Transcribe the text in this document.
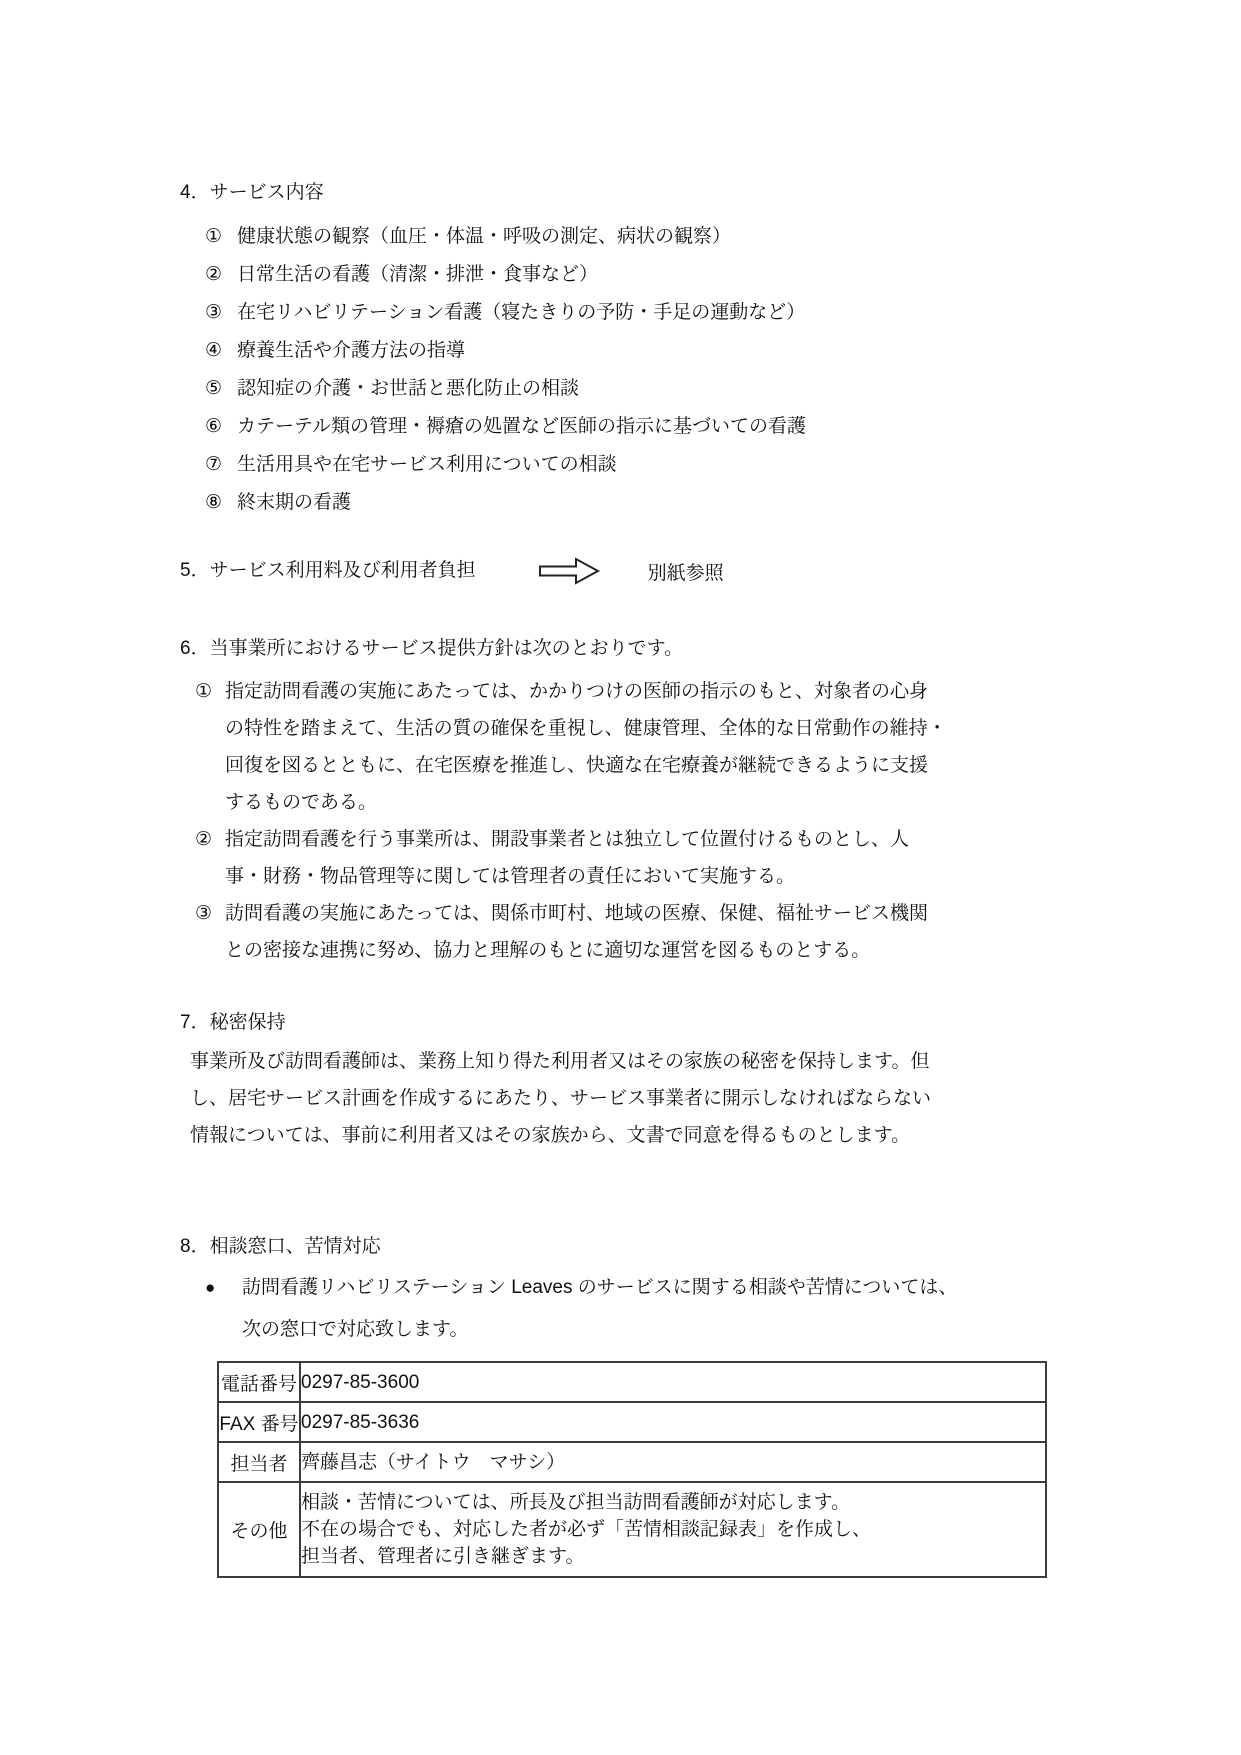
4．サービス内容
① 健康状態の観察（血圧・体温・呼吸の測定、病状の観察）
② 日常生活の看護（清潔・排泄・食事など）
③ 在宅リハビリテーション看護（寝たきりの予防・手足の運動など）
④ 療養生活や介護方法の指導
⑤ 認知症の介護・お世話と悪化防止の相談
⑥ カテーテル類の管理・褥瘡の処置など医師の指示に基づいての看護
⑦ 生活用具や在宅サービス利用についての相談
⑧ 終末期の看護
5．サービス利用料及び利用者負担	別紙参照
6．当事業所におけるサービス提供方針は次のとおりです。
① 指定訪問看護の実施にあたっては、かかりつけの医師の指示のもと、対象者の心身
の特性を踏まえて、生活の質の確保を重視し、健康管理、全体的な日常動作の維持・
回復を図るとともに、在宅医療を推進し、快適な在宅療養が継続できるように支援
するものである。
② 指定訪問看護を行う事業所は、開設事業者とは独立して位置付けるものとし、人
事・財務・物品管理等に関しては管理者の責任において実施する。
③ 訪問看護の実施にあたっては、関係市町村、地域の医療、保健、福祉サービス機関
との密接な連携に努め、協力と理解のもとに適切な運営を図るものとする。
7．秘密保持
事業所及び訪問看護師は、業務上知り得た利用者又はその家族の秘密を保持します。但
し、居宅サービス計画を作成するにあたり、サービス事業者に開示しなければならない
情報については、事前に利用者又はその家族から、文書で同意を得るものとします。
8．相談窓口、苦情対応
● 訪問看護リハビリステーション Leaves のサービスに関する相談や苦情については、
次の窓口で対応致します。
電話番号	0297-85-3600

FAX 番号	0297-85-3636

担当者	齊藤昌志（サイトウ　マサシ）

その他	相談・苦情については、所長及び担当訪問看護師が対応します。
不在の場合でも、対応した者が必ず「苦情相談記録表」を作成し、
担当者、管理者に引き継ぎます。
